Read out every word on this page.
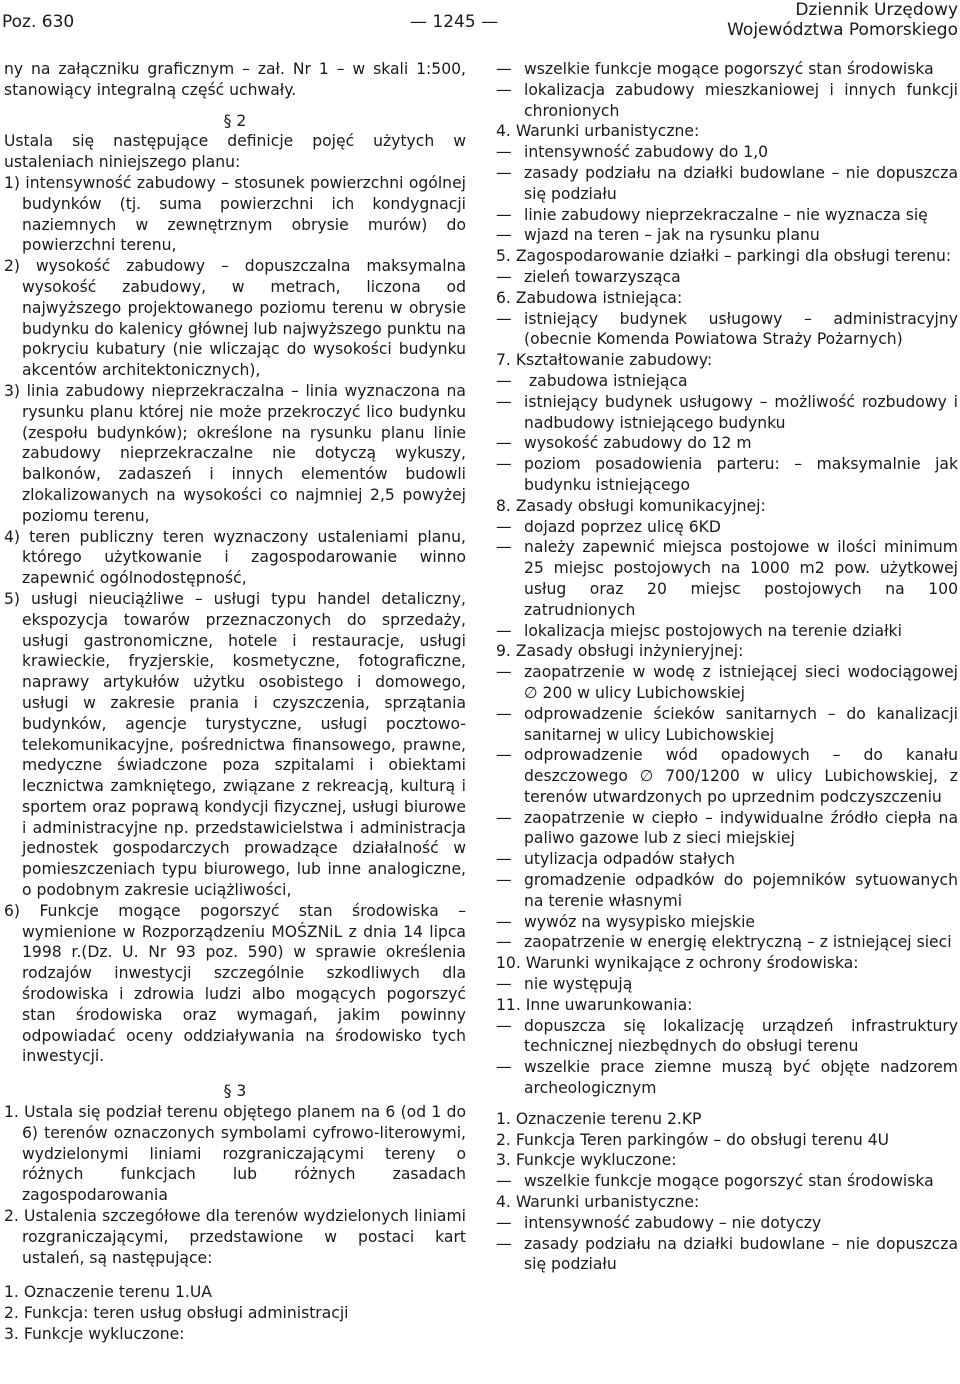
Poz. 630	— 1245 —
Dziennik Urzędowy
Województwa Pomorskiego

ny na załączniku graficznym – zał. Nr 1 – w skali 1:500, stanowiący integralną część uchwały.

§ 2

Ustala się następujące definicje pojęć użytych w ustaleniach niniejszego planu:

1) intensywność zabudowy – stosunek powierzchni ogólnej budynków (tj. suma powierzchni ich kondygnacji naziemnych w zewnętrznym obrysie murów) do powierzchni terenu,

2) wysokość zabudowy – dopuszczalna maksymalna wysokość zabudowy, w metrach, liczona od najwyższego projektowanego poziomu terenu w obrysie budynku do kalenicy głównej lub najwyższego punktu na pokryciu kubatury (nie wliczając do wysokości budynku akcentów architektonicznych),

3) linia zabudowy nieprzekraczalna – linia wyznaczona na rysunku planu której nie może przekroczyć lico budynku (zespołu budynków); określone na rysunku planu linie zabudowy nieprzekraczalne nie dotyczą wykuszy, balkonów, zadaszeń i innych elementów budowli zlokalizowanych na wysokości co najmniej 2,5 powyżej poziomu terenu,

4) teren publiczny teren wyznaczony ustaleniami planu, którego użytkowanie i zagospodarowanie winno zapewnić ogólnodostępność,

5) usługi nieuciążliwe – usługi typu handel detaliczny, ekspozycja towarów przeznaczonych do sprzedaży, usługi gastronomiczne, hotele i restauracje, usługi krawieckie, fryzjerskie, kosmetyczne, fotograficzne, naprawy artykułów użytku osobistego i domowego, usługi w zakresie prania i czyszczenia, sprzątania budynków, agencje turystyczne, usługi pocztowo-telekomunikacyjne, pośrednictwa finansowego, prawne, medyczne świadczone poza szpitalami i obiektami lecznictwa zamkniętego, związane z rekreacją, kulturą i sportem oraz poprawą kondycji fizycznej, usługi biurowe i administracyjne np. przedstawicielstwa i administracja jednostek gospodarczych prowadzące działalność w pomieszczeniach typu biurowego, lub inne analogiczne, o podobnym zakresie uciążliwości,

6) Funkcje mogące pogorszyć stan środowiska – wymienione w Rozporządzeniu MOŚZNiL z dnia 14 lipca 1998 r.(Dz. U. Nr 93 poz. 590) w sprawie określenia rodzajów inwestycji szczególnie szkodliwych dla środowiska i zdrowia ludzi albo mogących pogorszyć stan środowiska oraz wymagań, jakim powinny odpowiadać oceny oddziaływania na środowisko tych inwestycji.

§ 3

1. Ustala się podział terenu objętego planem na 6 (od 1 do 6) terenów oznaczonych symbolami cyfrowo-literowymi, wydzielonymi liniami rozgraniczającymi tereny o różnych funkcjach lub różnych zasadach zagospodarowania

2. Ustalenia szczegółowe dla terenów wydzielonych liniami rozgraniczającymi, przedstawione w postaci kart ustaleń, są następujące:

1. Oznaczenie terenu 1.UA

2. Funkcja: teren usług obsługi administracji

3. Funkcje wykluczone:

— wszelkie funkcje mogące pogorszyć stan środowiska

— lokalizacja zabudowy mieszkaniowej i innych funkcji chronionych

4. Warunki urbanistyczne:

— intensywność zabudowy do 1,0

— zasady podziału na działki budowlane – nie dopuszcza się podziału

— linie zabudowy nieprzekraczalne – nie wyznacza się

— wjazd na teren – jak na rysunku planu

5. Zagospodarowanie działki – parkingi dla obsługi terenu:

— zieleń towarzysząca

6. Zabudowa istniejąca:

— istniejący budynek usługowy – administracyjny (obecnie Komenda Powiatowa Straży Pożarnych)

7. Kształtowanie zabudowy:

— zabudowa istniejąca

— istniejący budynek usługowy – możliwość rozbudowy i nadbudowy istniejącego budynku

— wysokość zabudowy do 12 m

— poziom posadowienia parteru: – maksymalnie jak budynku istniejącego

8. Zasady obsługi komunikacyjnej:

— dojazd poprzez ulicę 6KD

— należy zapewnić miejsca postojowe w ilości minimum 25 miejsc postojowych na 1000 m2 pow. użytkowej usług oraz 20 miejsc postojowych na 100 zatrudnionych

— lokalizacja miejsc postojowych na terenie działki

9. Zasady obsługi inżynieryjnej:

— zaopatrzenie w wodę z istniejącej sieci wodociągowej ∅ 200 w ulicy Lubichowskiej

— odprowadzenie ścieków sanitarnych – do kanalizacji sanitarnej w ulicy Lubichowskiej

— odprowadzenie wód opadowych – do kanału deszczowego ∅ 700/1200 w ulicy Lubichowskiej, z terenów utwardzonych po uprzednim podczyszczeniu

— zaopatrzenie w ciepło – indywidualne źródło ciepła na paliwo gazowe lub z sieci miejskiej

— utylizacja odpadów stałych

— gromadzenie odpadków do pojemników sytuowanych na terenie własnymi

— wywóz na wysypisko miejskie

— zaopatrzenie w energię elektryczną – z istniejącej sieci

10. Warunki wynikające z ochrony środowiska:

— nie występują

11. Inne uwarunkowania:

— dopuszcza się lokalizację urządzeń infrastruktury technicznej niezbędnych do obsługi terenu

— wszelkie prace ziemne muszą być objęte nadzorem archeologicznym

1. Oznaczenie terenu 2.KP

2. Funkcja Teren parkingów – do obsługi terenu 4U

3. Funkcje wykluczone:

— wszelkie funkcje mogące pogorszyć stan środowiska

4. Warunki urbanistyczne:

— intensywność zabudowy – nie dotyczy

— zasady podziału na działki budowlane – nie dopuszcza się podziału
